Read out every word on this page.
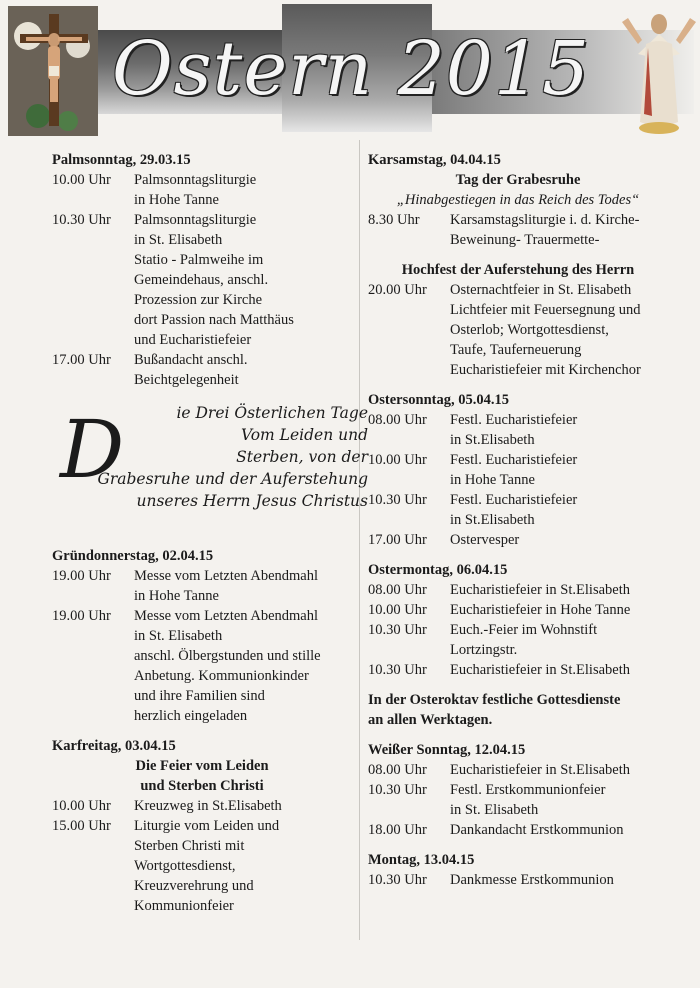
Ostern 2015
Palmsonntag, 29.03.15
10.00 Uhr	Palmsonntagsliturgie
in Hohe Tanne
10.30 Uhr	Palmsonntagsliturgie
in St. Elisabeth
Statio - Palmweihe im
Gemeindehaus, anschl.
Prozession zur Kirche
dort Passion nach Matthäus
und Eucharistiefeier
17.00 Uhr	Bußandacht anschl.
Beichtgelegenheit
D	ie Drei Österlichen Tage
Vom Leiden und
Sterben, von der
Grabesruhe und der Auferstehung
unseres Herrn Jesus Christus
Gründonnerstag, 02.04.15
19.00 Uhr	Messe vom Letzten Abendmahl
in Hohe Tanne
19.00 Uhr	Messe vom Letzten Abendmahl
in St. Elisabeth
anschl. Ölbergstunden und stille
Anbetung. Kommunionkinder
und ihre Familien sind
herzlich eingeladen
Karfreitag, 03.04.15
Die Feier vom Leiden
und Sterben Christi
10.00 Uhr	Kreuzweg in St.Elisabeth
15.00 Uhr	Liturgie vom Leiden und
Sterben Christi mit
Wortgottesdienst,
Kreuzverehrung und
Kommunionfeier
Karsamstag, 04.04.15
Tag der Grabesruhe
„Hinabgestiegen in das Reich des Todes“
8.30 Uhr	Karsamstagsliturgie i. d. Kirche-
Beweinung- Trauermette-
Hochfest der Auferstehung des Herrn
20.00 Uhr	Osternachtfeier in St. Elisabeth
Lichtfeier mit Feuersegnung und
Osterlob; Wortgottesdienst,
Taufe, Tauferneuerung
Eucharistiefeier mit Kirchenchor
Ostersonntag, 05.04.15
08.00 Uhr	Festl. Eucharistiefeier
in St.Elisabeth
10.00 Uhr	Festl. Eucharistiefeier
in Hohe Tanne
10.30 Uhr	Festl. Eucharistiefeier
in St.Elisabeth
17.00 Uhr	Ostervesper
Ostermontag, 06.04.15
08.00 Uhr	Eucharistiefeier in St.Elisabeth
10.00 Uhr	Eucharistiefeier in Hohe Tanne
10.30 Uhr	Euch.-Feier im Wohnstift
Lortzingstr.
10.30 Uhr	Eucharistiefeier in St.Elisabeth
In der Osteroktav festliche Gottesdienste
an allen Werktagen.
Weißer Sonntag, 12.04.15
08.00 Uhr	Eucharistiefeier in St.Elisabeth
10.30 Uhr	Festl. Erstkommunionfeier
in St. Elisabeth
18.00 Uhr	Dankandacht Erstkommunion
Montag, 13.04.15
10.30 Uhr	Dankmesse Erstkommunion
